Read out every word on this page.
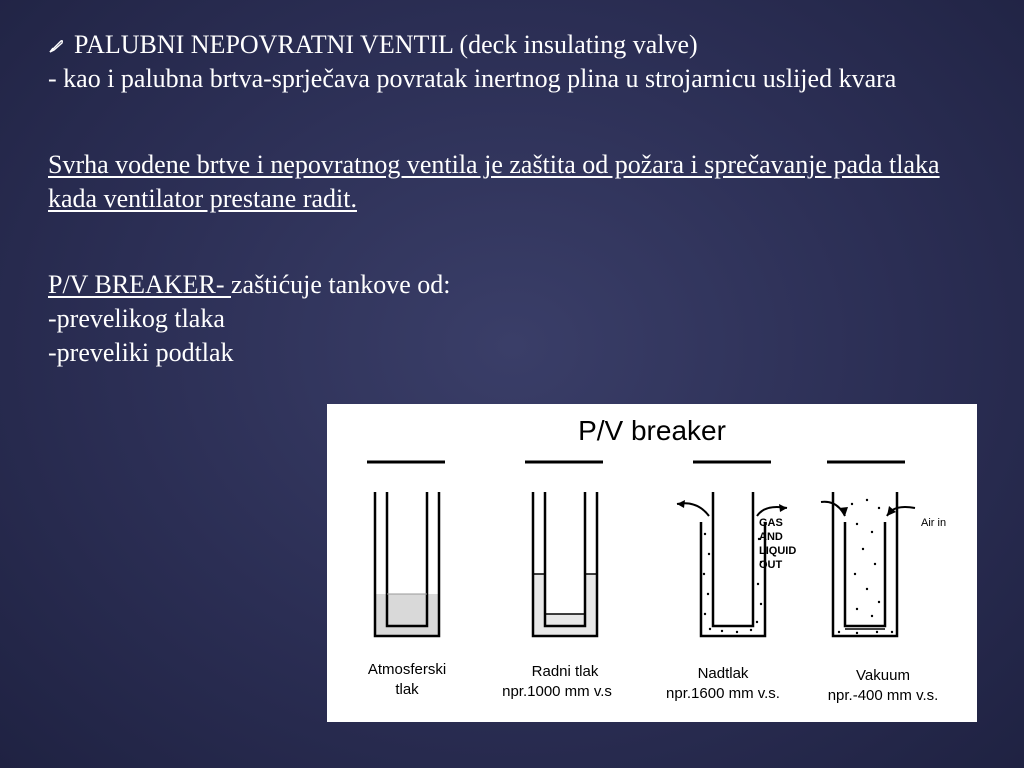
PALUBNI NEPOVRATNI VENTIL (deck insulating valve)

- kao i palubna brtva-sprječava povratak inertnog plina u strojarnicu uslijed kvara

Svrha vodene brtve i nepovratnog ventila je zaštita od požara i sprečavanje pada tlaka kada ventilator prestane radit.

P/V BREAKER- zaštićuje tankove od:

-prevelikog tlaka

-preveliki podtlak

P/V breaker
Atmosferski
tlak
Radni tlak
npr.1000 mm v.s
GAS
AND
LIQUID
OUT
Nadtlak
npr.1600 mm v.s.
Air in
Vakuum
npr.-400 mm v.s.
